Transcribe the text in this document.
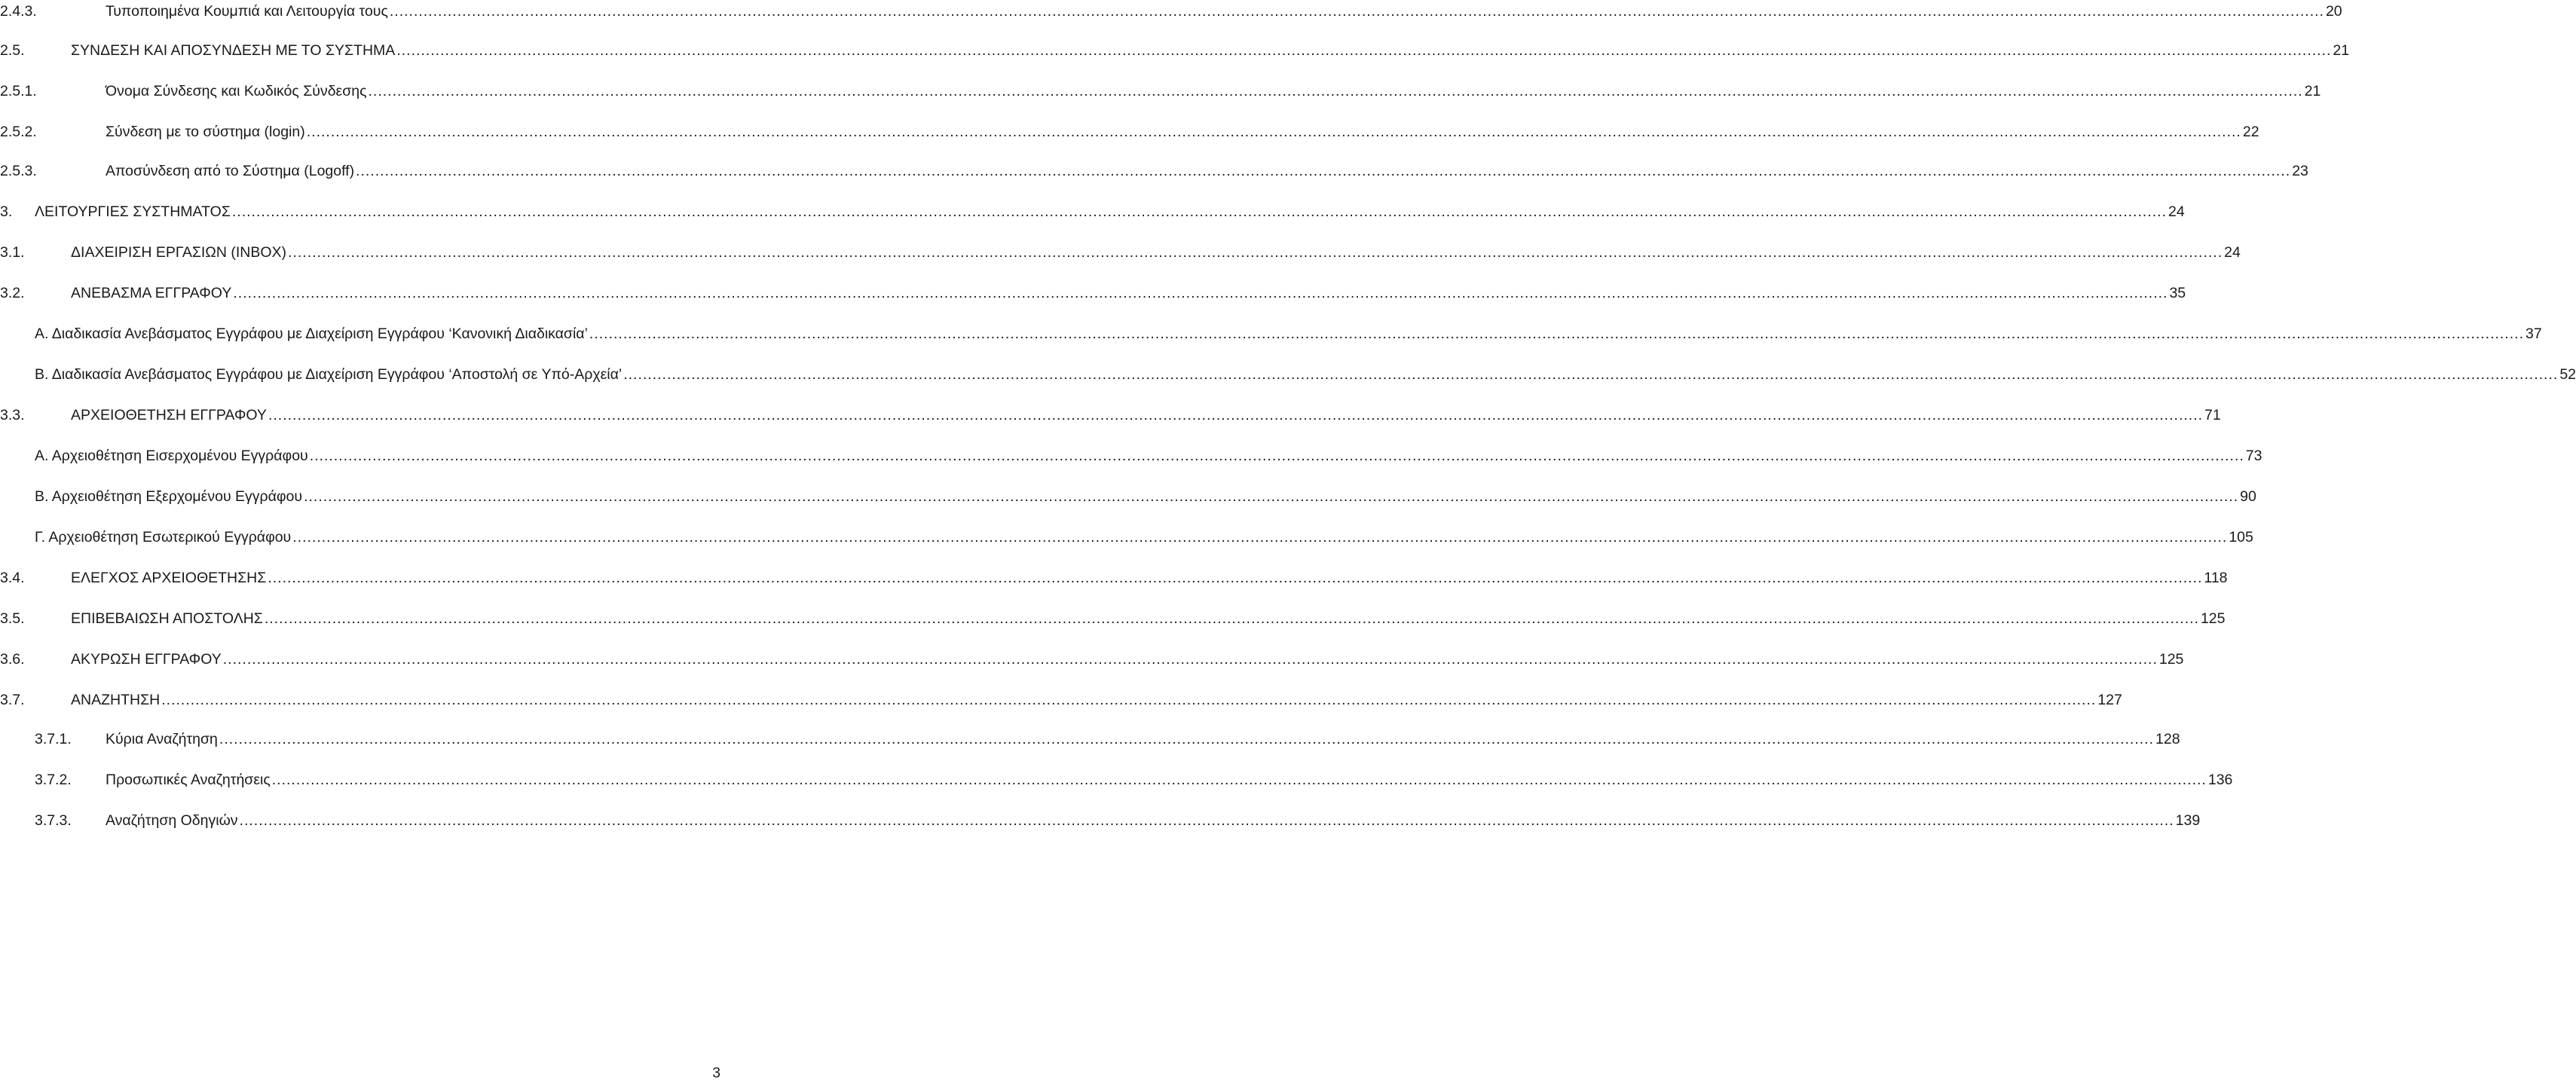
2.4.3.	Τυποποιημένα Κουμπιά και Λειτουργία τους ................................................................................................................................................................................................................................................................................................................................................................................................................ 20
2.5.	ΣΥΝΔΕΣΗ ΚΑΙ ΑΠΟΣΥΝΔΕΣΗ ΜΕ ΤΟ ΣΥΣΤΗΜΑ ................................................................................................................................................................................................................................................................................................................................................................................................................ 21
2.5.1.	Όνομα Σύνδεσης και Κωδικός Σύνδεσης ................................................................................................................................................................................................................................................................................................................................................................................................................ 21
2.5.2.	Σύνδεση με το σύστημα (login) ................................................................................................................................................................................................................................................................................................................................................................................................................ 22
2.5.3.	Αποσύνδεση από το Σύστημα (Logoff) ................................................................................................................................................................................................................................................................................................................................................................................................................ 23
3. ΛΕΙΤΟΥΡΓΙΕΣ ΣΥΣΤΗΜΑΤΟΣ ................................................................................................................................................................................................................................................................................................................................................................................................................ 24
3.1.	ΔΙΑΧΕΙΡΙΣΗ ΕΡΓΑΣΙΩΝ (INBOX) ................................................................................................................................................................................................................................................................................................................................................................................................................ 24
3.2.	ΑΝΕΒΑΣΜΑ ΕΓΓΡΑΦΟΥ ................................................................................................................................................................................................................................................................................................................................................................................................................ 35
Α. Διαδικασία Ανεβάσματος Εγγράφου με Διαχείριση Εγγράφου ‘Κανονική Διαδικασία’ ................................................................................................................................................................................................................................................................................................................................................................................................................ 37
Β. Διαδικασία Ανεβάσματος Εγγράφου με Διαχείριση Εγγράφου ‘Αποστολή σε Υπό-Αρχεία’ ................................................................................................................................................................................................................................................................................................................................................................................................................ 52
3.3.	ΑΡΧΕΙΟΘΕΤΗΣΗ ΕΓΓΡΑΦΟΥ ................................................................................................................................................................................................................................................................................................................................................................................................................ 71
Α. Αρχειοθέτηση Εισερχομένου Εγγράφου ................................................................................................................................................................................................................................................................................................................................................................................................................ 73
Β. Αρχειοθέτηση Εξερχομένου Εγγράφου ................................................................................................................................................................................................................................................................................................................................................................................................................ 90
Γ. Αρχειοθέτηση Εσωτερικού Εγγράφου ................................................................................................................................................................................................................................................................................................................................................................................................................ 105
3.4.	ΕΛΕΓΧΟΣ ΑΡΧΕΙΟΘΕΤΗΣΗΣ ................................................................................................................................................................................................................................................................................................................................................................................................................ 118
3.5.	ΕΠΙΒΕΒΑΙΩΣΗ ΑΠΟΣΤΟΛΗΣ ................................................................................................................................................................................................................................................................................................................................................................................................................ 125
3.6.	ΑΚΥΡΩΣΗ ΕΓΓΡΑΦΟΥ ................................................................................................................................................................................................................................................................................................................................................................................................................ 125
3.7.	ΑΝΑΖΗΤΗΣΗ ................................................................................................................................................................................................................................................................................................................................................................................................................ 127
3.7.1. Κύρια Αναζήτηση ................................................................................................................................................................................................................................................................................................................................................................................................................ 128
3.7.2. Προσωπικές Αναζητήσεις ................................................................................................................................................................................................................................................................................................................................................................................................................ 136
3.7.3. Αναζήτηση Οδηγιών ................................................................................................................................................................................................................................................................................................................................................................................................................ 139
3
